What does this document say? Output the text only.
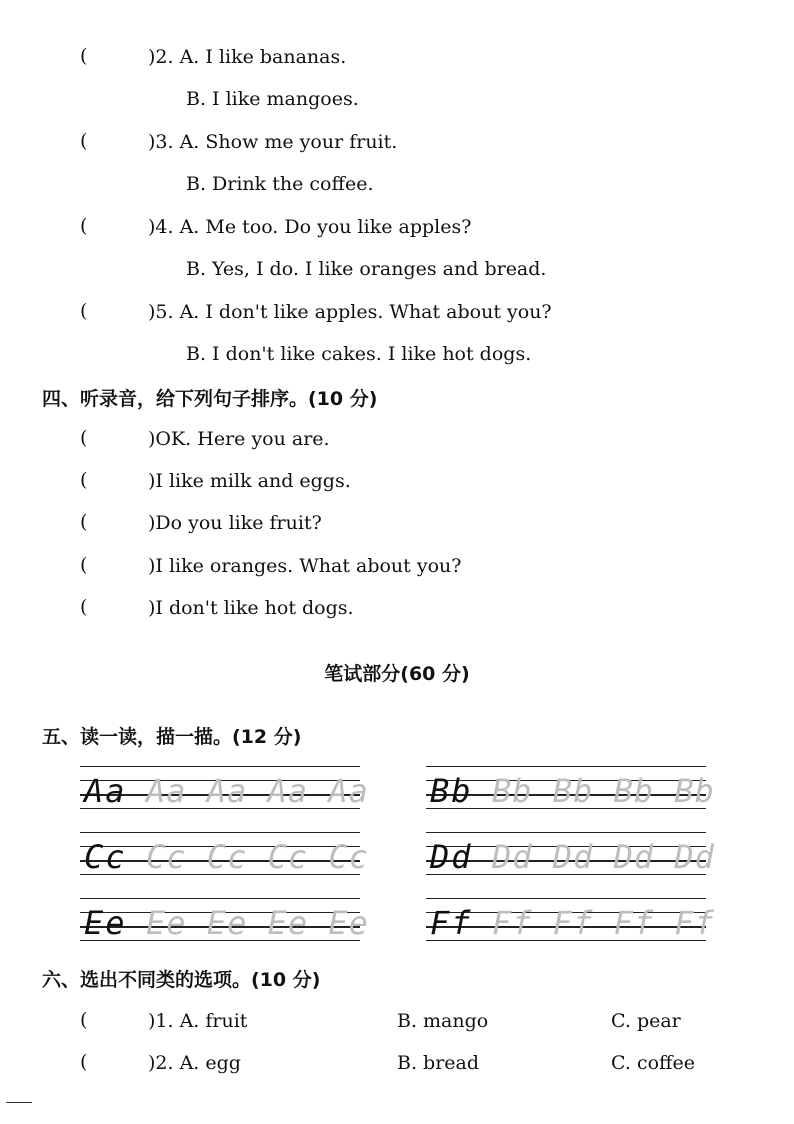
(	)2. A. I like bananas.
B. I like mangoes.
(	)3. A. Show me your fruit.
B. Drink the coffee.
(	)4. A. Me too. Do you like apples?
B. Yes, I do. I like oranges and bread.
(	)5. A. I don't like apples. What about you?
B. I don't like cakes. I like hot dogs.
四、听录音，给下列句子排序。(10 分)
(	)OK. Here you are.
(	)I like milk and eggs.
(	)Do you like fruit?
(	)I like oranges. What about you?
(	)I don't like hot dogs.
笔试部分(60 分)
五、读一读，描一描。(12 分)
Aa Aa Aa Aa Aa Bb Bb Bb Bb Bb
Cc Cc Cc Cc Cc Dd Dd Dd Dd Dd
Ee Ee Ee Ee Ee Ff Ff Ff Ff Ff
六、选出不同类的选项。(10 分)
(	)1. A. fruit	B. mango	C. pear
(	)2. A. egg	B. bread	C. coffee
